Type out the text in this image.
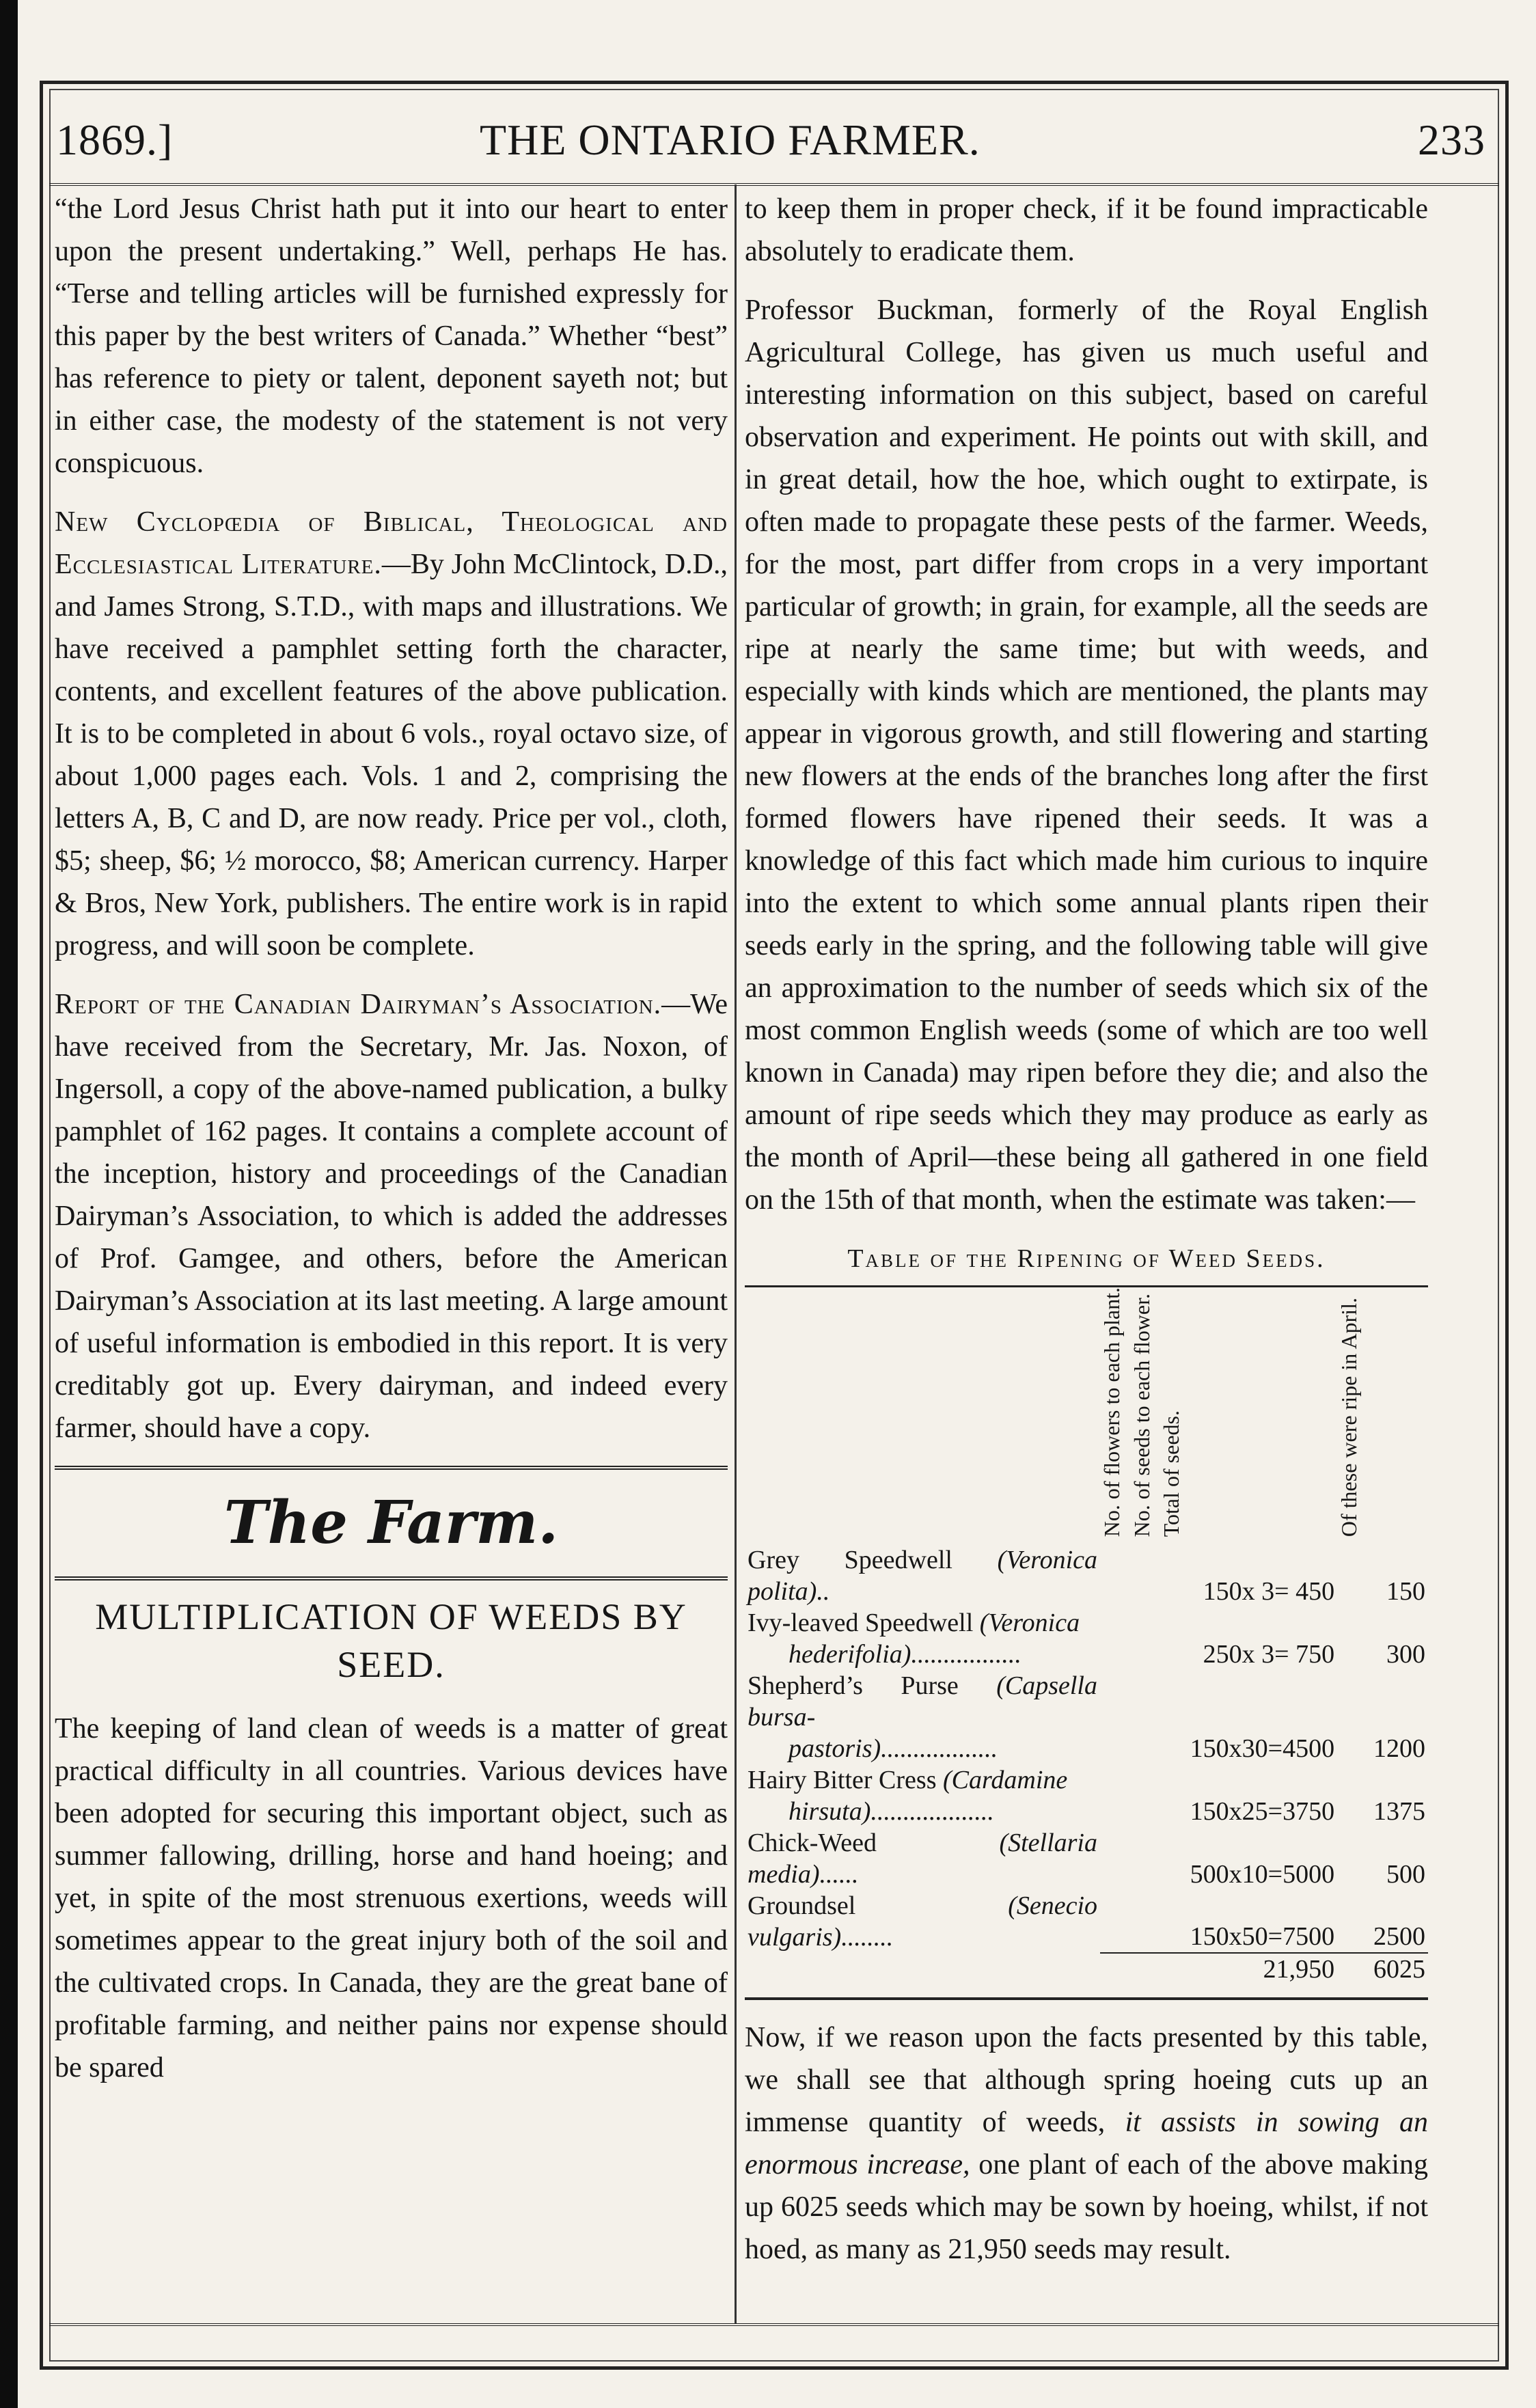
1869.]	THE ONTARIO FARMER.	233

“the Lord Jesus Christ hath put it into our heart to enter upon the present undertaking.” Well, perhaps He has. “Terse and telling articles will be furnished expressly for this paper by the best writers of Canada.” Whether “best” has reference to piety or talent, deponent sayeth not; but in either case, the modesty of the statement is not very conspicuous.

New Cyclopœdia of Biblical, Theological and Ecclesiastical Literature.—By John McClintock, D.D., and James Strong, S.T.D., with maps and illustrations. We have received a pamphlet setting forth the character, contents, and excellent features of the above publication. It is to be completed in about 6 vols., royal octavo size, of about 1,000 pages each. Vols. 1 and 2, comprising the letters A, B, C and D, are now ready. Price per vol., cloth, $5; sheep, $6; ½ morocco, $8; American currency. Harper & Bros, New York, publishers. The entire work is in rapid progress, and will soon be complete.

Report of the Canadian Dairyman’s Association.—We have received from the Secretary, Mr. Jas. Noxon, of Ingersoll, a copy of the above-named publication, a bulky pamphlet of 162 pages. It contains a complete account of the inception, history and proceedings of the Canadian Dairyman’s Association, to which is added the addresses of Prof. Gamgee, and others, before the American Dairyman’s Association at its last meeting. A large amount of useful information is embodied in this report. It is very creditably got up. Every dairyman, and indeed every farmer, should have a copy.

The Farm.
MULTIPLICATION OF WEEDS BY SEED.

The keeping of land clean of weeds is a matter of great practical difficulty in all countries. Various devices have been adopted for securing this important object, such as summer fallowing, drilling, horse and hand hoeing; and yet, in spite of the most strenuous exertions, weeds will sometimes appear to the great injury both of the soil and the cultivated crops. In Canada, they are the great bane of profitable farming, and neither pains nor expense should be spared

to keep them in proper check, if it be found impracticable absolutely to eradicate them.

Professor Buckman, formerly of the Royal English Agricultural College, has given us much useful and interesting information on this subject, based on careful observation and experiment. He points out with skill, and in great detail, how the hoe, which ought to extirpate, is often made to propagate these pests of the farmer. Weeds, for the most, part differ from crops in a very important particular of growth; in grain, for example, all the seeds are ripe at nearly the same time; but with weeds, and especially with kinds which are mentioned, the plants may appear in vigorous growth, and still flowering and starting new flowers at the ends of the branches long after the first formed flowers have ripened their seeds. It was a knowledge of this fact which made him curious to inquire into the extent to which some annual plants ripen their seeds early in the spring, and the following table will give an approximation to the number of seeds which six of the most common English weeds (some of which are too well known in Canada) may ripen before they die; and also the amount of ripe seeds which they may produce as early as the month of April—these being all gathered in one field on the 15th of that month, when the estimate was taken:—

Table of the Ripening of Weed Seeds.
	No. of flowers to each plant. No. of seeds to each flower. Total of seeds.	Of these were ripe in April.
Grey Speedwell (Veronica polita)..	150x 3= 450	150
Ivy-leaved Speedwell (Veronica
hederifolia).................	250x 3= 750	300
Shepherd’s Purse (Capsella bursa-
pastoris)..................	150x30=4500	1200
Hairy Bitter Cress (Cardamine
hirsuta)...................	150x25=3750	1375
Chick-Weed (Stellaria media)......	500x10=5000	500
Groundsel (Senecio vulgaris)........	150x50=7500	2500
	21,950	6025

Now, if we reason upon the facts presented by this table, we shall see that although spring hoeing cuts up an immense quantity of weeds, it assists in sowing an enormous increase, one plant of each of the above making up 6025 seeds which may be sown by hoeing, whilst, if not hoed, as many as 21,950 seeds may result.
